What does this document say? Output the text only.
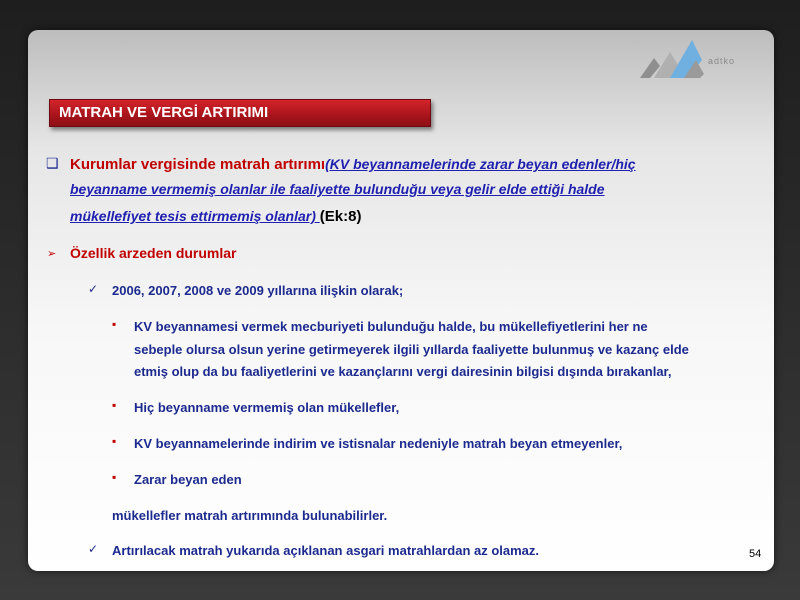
adtko
MATRAH VE VERGİ ARTIRIMI
❑ Kurumlar vergisinde matrah artırımı(KV beyannamelerinde zarar beyan edenler/hiç
beyanname vermemiş olanlar ile faaliyette bulunduğu veya gelir elde ettiği halde
mükellefiyet tesis ettirmemiş olanlar) (Ek:8)
➢ Özellik arzeden durumlar
✓ 2006, 2007, 2008 ve 2009 yıllarına ilişkin olarak;
▪ KV beyannamesi vermek mecburiyeti bulunduğu halde, bu mükellefiyetlerini her ne
sebeple olursa olsun yerine getirmeyerek ilgili yıllarda faaliyette bulunmuş ve kazanç elde
etmiş olup da bu faaliyetlerini ve kazançlarını vergi dairesinin bilgisi dışında bırakanlar,
▪ Hiç beyanname vermemiş olan mükellefler,
▪ KV beyannamelerinde indirim ve istisnalar nedeniyle matrah beyan etmeyenler,
▪ Zarar beyan eden
mükellefler matrah artırımında bulunabilirler.
✓ Artırılacak matrah yukarıda açıklanan asgari matrahlardan az olamaz.	54
